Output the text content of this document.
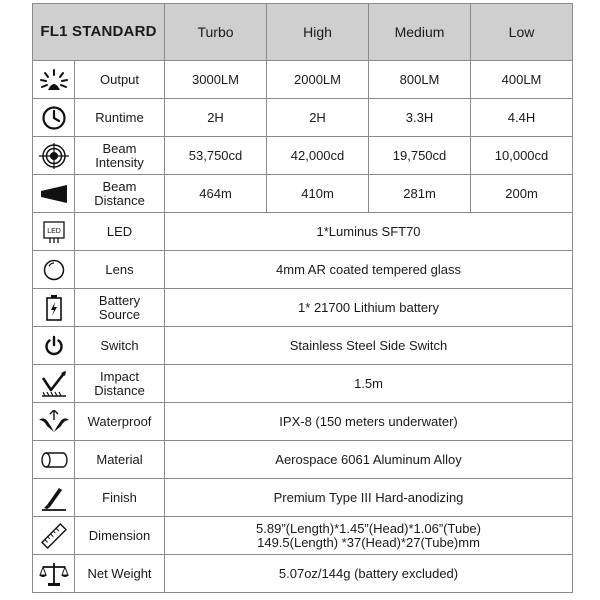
FL1 STANDARD		Turbo	High	Medium	Low

	Output	3000LM	2000LM	800LM	400LM

	Runtime	2H	2H	3.3H	4.4H

Beam
Intensity	53,750cd	42,000cd	19,750cd	10,000cd

Beam
Distance	464m	410m	281m	200m

LED	LED	1*Luminus SFT70			

	Lens	4mm AR coated tempered glass			

Battery
Source	1* 21700 Lithium battery			

	Switch	Stainless Steel Side Switch			

Impact
Distance	1.5m			

	Waterproof	IPX-8 (150 meters underwater)			

	Material	Aerospace 6061 Aluminum Alloy			

	Finish	Premium Type III Hard-anodizing			

	Dimension	5.89”(Length)*1.45”(Head)*1.06”(Tube)
149.5(Length) *37(Head)*27(Tube)mm			

	Net Weight	5.07oz/144g (battery excluded)			
